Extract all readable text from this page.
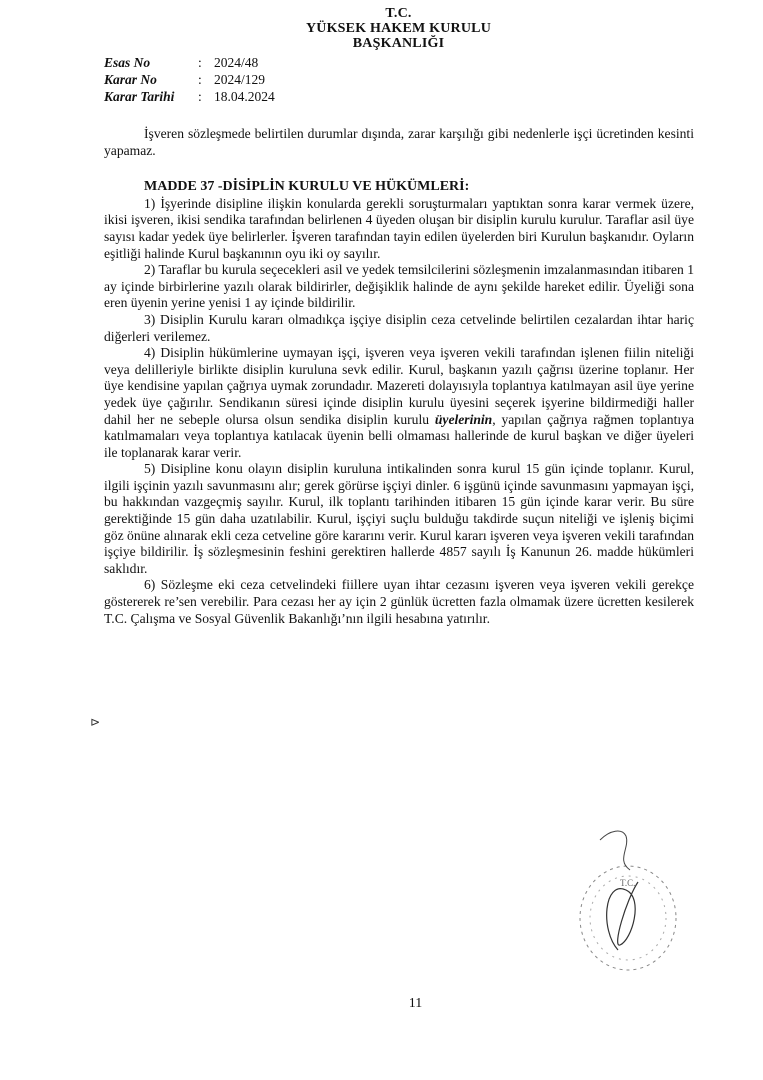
T.C.
YÜKSEK HAKEM KURULU
BAŞKANLIĞI
Esas No	: 2024/48
Karar No	: 2024/129
Karar Tarihi	: 18.04.2024

İşveren sözleşmede belirtilen durumlar dışında, zarar karşılığı gibi nedenlerle işçi ücretinden kesinti yapamaz.

MADDE 37 -DİSİPLİN KURULU VE HÜKÜMLERİ:

1) İşyerinde disipline ilişkin konularda gerekli soruşturmaları yaptıktan sonra karar vermek üzere, ikisi işveren, ikisi sendika tarafından belirlenen 4 üyeden oluşan bir disiplin kurulu kurulur. Taraflar asil üye sayısı kadar yedek üye belirlerler. İşveren tarafından tayin edilen üyelerden biri Kurulun başkanıdır. Oyların eşitliği halinde Kurul başkanının oyu iki oy sayılır.

2) Taraflar bu kurula seçecekleri asil ve yedek temsilcilerini sözleşmenin imzalanmasından itibaren 1 ay içinde birbirlerine yazılı olarak bildirirler, değişiklik halinde de aynı şekilde hareket edilir. Üyeliği sona eren üyenin yerine yenisi 1 ay içinde bildirilir.

3) Disiplin Kurulu kararı olmadıkça işçiye disiplin ceza cetvelinde belirtilen cezalardan ihtar hariç diğerleri verilemez.

4) Disiplin hükümlerine uymayan işçi, işveren veya işveren vekili tarafından işlenen fiilin niteliği veya delilleriyle birlikte disiplin kuruluna sevk edilir. Kurul, başkanın yazılı çağrısı üzerine toplanır. Her üye kendisine yapılan çağrıya uymak zorundadır. Mazereti dolayısıyla toplantıya katılmayan asil üye yerine yedek üye çağırılır. Sendikanın süresi içinde disiplin kurulu üyesini seçerek işyerine bildirmediği haller dahil her ne sebeple olursa olsun sendika disiplin kurulu üyelerinin, yapılan çağrıya rağmen toplantıya katılmamaları veya toplantıya katılacak üyenin belli olmaması hallerinde de kurul başkan ve diğer üyeleri ile toplanarak karar verir.

5) Disipline konu olayın disiplin kuruluna intikalinden sonra kurul 15 gün içinde toplanır. Kurul, ilgili işçinin yazılı savunmasını alır; gerek görürse işçiyi dinler. 6 işgünü içinde savunmasını yapmayan işçi, bu hakkından vazgeçmiş sayılır. Kurul, ilk toplantı tarihinden itibaren 15 gün içinde karar verir. Bu süre gerektiğinde 15 gün daha uzatılabilir. Kurul, işçiyi suçlu bulduğu takdirde suçun niteliği ve işleniş biçimi göz önüne alınarak ekli ceza cetveline göre kararını verir. Kurul kararı işveren veya işveren vekili tarafından işçiye bildirilir. İş sözleşmesinin feshini gerektiren hallerde 4857 sayılı İş Kanunun 26. madde hükümleri saklıdır.

6) Sözleşme eki ceza cetvelindeki fiillere uyan ihtar cezasını işveren veya işveren vekili gerekçe göstererek re’sen verebilir. Para cezası her ay için 2 günlük ücretten fazla olmamak üzere ücretten kesilerek T.C. Çalışma ve Sosyal Güvenlik Bakanlığı’nın ilgili hesabına yatırılır.

⊳
T.C.
11
